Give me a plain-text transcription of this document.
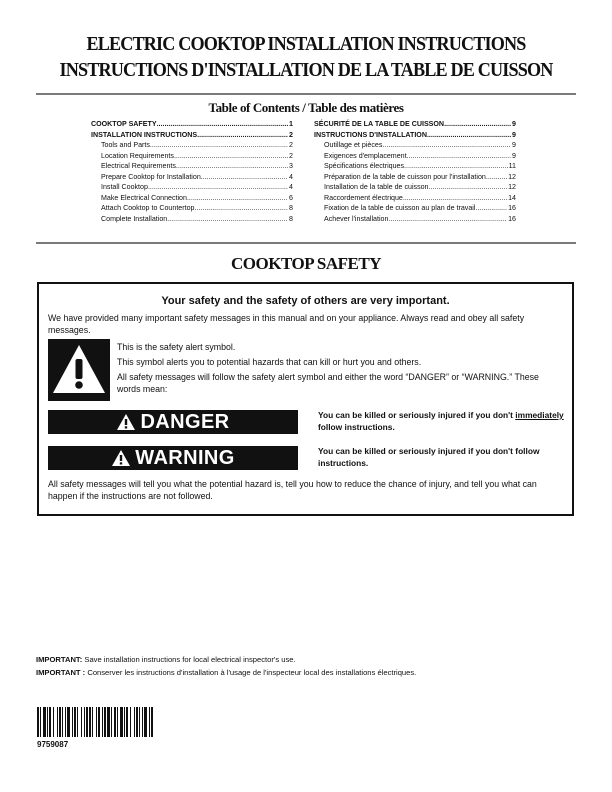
ELECTRIC COOKTOP INSTALLATION INSTRUCTIONS
INSTRUCTIONS D'INSTALLATION DE LA TABLE DE CUISSON
Table of Contents / Table des matières
COOKTOP SAFETY .....	1
INSTALLATION INSTRUCTIONS .....	2
Tools and Parts .....	2
Location Requirements .....	2
Electrical Requirements .....	3
Prepare Cooktop for Installation .....	4
Install Cooktop .....	4
Make Electrical Connection .....	6
Attach Cooktop to Countertop .....	8
Complete Installation .....	8
SÉCURITÉ DE LA TABLE DE CUISSON .....	9
INSTRUCTIONS D'INSTALLATION .....	9
Outillage et pièces .....	9
Exigences d'emplacement .....	9
Spécifications électriques .....	11
Préparation de la table de cuisson pour l'installation .....	12
Installation de la table de cuisson .....	12
Raccordement électrique .....	14
Fixation de la table de cuisson au plan de travail .....	16
Achever l'installation .....	16
COOKTOP SAFETY
Your safety and the safety of others are very important.
We have provided many important safety messages in this manual and on your appliance. Always read and obey all safety messages.
This is the safety alert symbol.
This symbol alerts you to potential hazards that can kill or hurt you and others.
All safety messages will follow the safety alert symbol and either the word “DANGER” or “WARNING.” These words mean:
DANGER	You can be killed or seriously injured if you don't immediately follow instructions.
WARNING	You can be killed or seriously injured if you don't follow instructions.
All safety messages will tell you what the potential hazard is, tell you how to reduce the chance of injury, and tell you what can happen if the instructions are not followed.
IMPORTANT: Save installation instructions for local electrical inspector's use.
IMPORTANT : Conserver les instructions d'installation à l'usage de l'inspecteur local des installations électriques.
9759087
